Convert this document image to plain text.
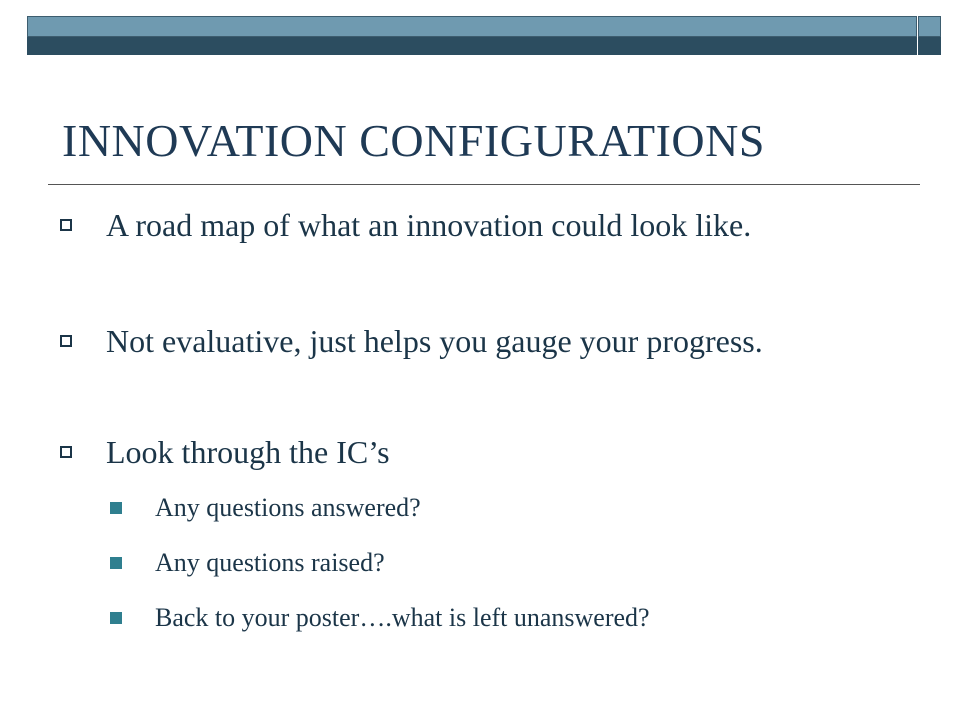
INNOVATION CONFIGURATIONS
A road map of what an innovation could look like.
Not evaluative, just helps you gauge your progress.
Look through the IC’s
Any questions answered?
Any questions raised?
Back to your poster….what is left unanswered?
